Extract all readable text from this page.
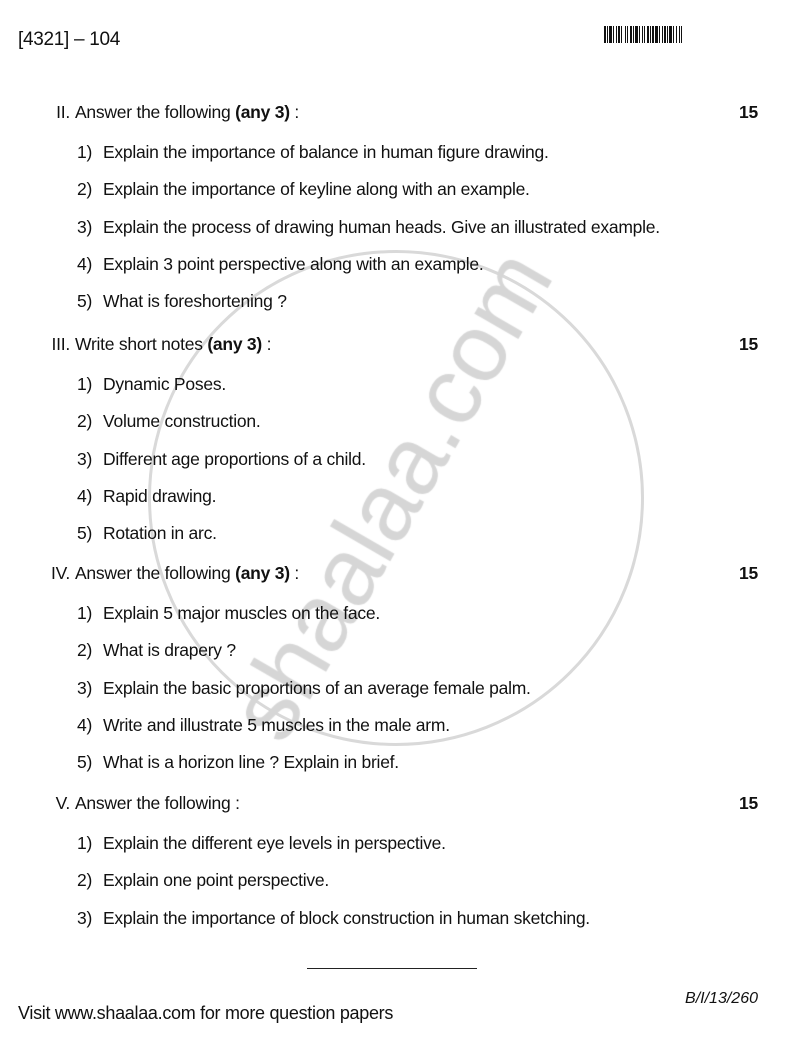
[4321] – 104
II. Answer the following (any 3) :	15
1) Explain the importance of balance in human figure drawing.
2) Explain the importance of keyline along with an example.
3) Explain the process of drawing human heads. Give an illustrated example.
4) Explain 3 point perspective along with an example.
5) What is foreshortening ?
III. Write short notes (any 3) :	15
1) Dynamic Poses.
2) Volume construction.
3) Different age proportions of a child.
4) Rapid drawing.
5) Rotation in arc.
IV. Answer the following (any 3) :	15
1) Explain 5 major muscles on the face.
2) What is drapery ?
3) Explain the basic proportions of an average female palm.
4) Write and illustrate 5 muscles in the male arm.
5) What is a horizon line ? Explain in brief.
V. Answer the following :	15
1) Explain the different eye levels in perspective.
2) Explain one point perspective.
3) Explain the importance of block construction in human sketching.
B/I/13/260
Visit www.shaalaa.com for more question papers
